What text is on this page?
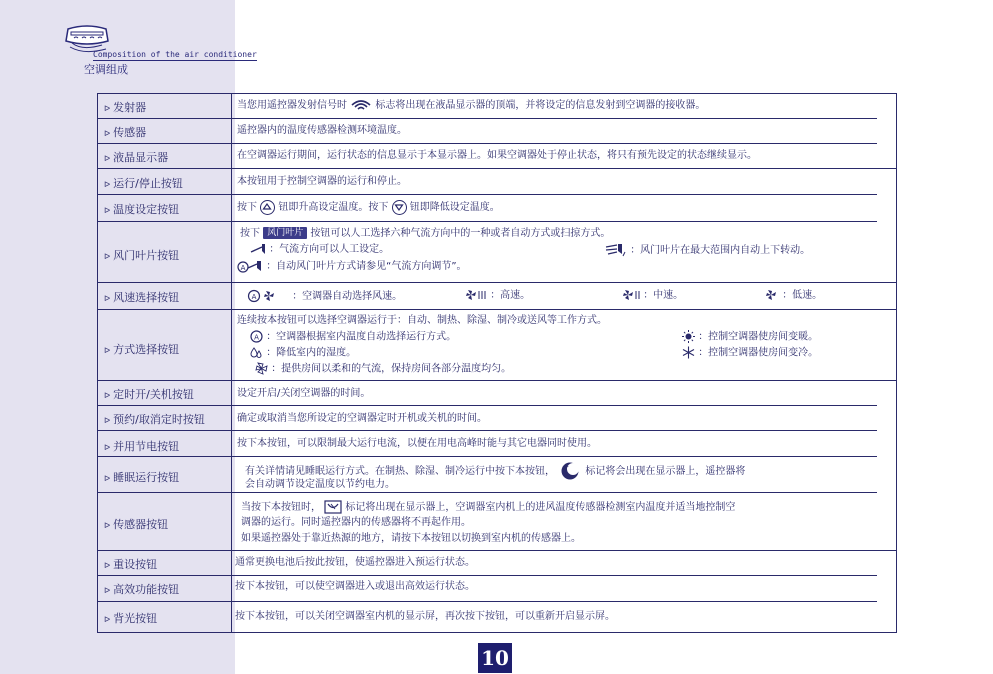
Composition of the air conditioner
空调组成
ᐅ 发射器	当您用遥控器发射信号时	标志将出现在液晶显示器的顶端，并将设定的信息发射到空调器的接收器。
ᐅ 传感器	遥控器内的温度传感器检测环境温度。
ᐅ 液晶显示器	在空调器运行期间，运行状态的信息显示于本显示器上。如果空调器处于停止状态，将只有预先设定的状态继续显示。
ᐅ 运行/停止按钮	本按钮用于控制空调器的运行和停止。
ᐅ 温度设定按钮	按下 钮即升高设定温度。按下 钮即降低设定温度。
ᐅ 风门叶片按钮
按下 风门叶片 按钮可以人工选择六种气流方向中的一种或者自动方式或扫掠方式。
：气流方向可以人工设定。	：风门叶片在最大范围内自动上下转动。
A ：自动风门叶片方式请参见“气流方向调节”。
ᐅ 风速选择按钮	A	：空调器自动选择风速。	：高速。	：中速。	：低速。
ᐅ 方式选择按钮
连续按本按钮可以选择空调器运行于：自动、制热、除湿、制冷或送风等工作方式。
A ：空调器根据室内温度自动选择运行方式。	：控制空调器使房间变暖。
：降低室内的湿度。	：控制空调器使房间变冷。
：提供房间以柔和的气流，保持房间各部分温度均匀。
ᐅ 定时开/关机按钮	设定开启/关闭空调器的时间。
ᐅ 预约/取消定时按钮	确定或取消当您所设定的空调器定时开机或关机的时间。
ᐅ 并用节电按钮	按下本按钮，可以限制最大运行电流，以便在用电高峰时能与其它电器同时使用。
ᐅ 睡眠运行按钮	有关详情请见睡眠运行方式。在制热、除湿、制冷运行中按下本按钮， + 标记将会出现在显示器上，遥控器将
会自动调节设定温度以节约电力。
ᐅ 传感器按钮
当按下本按钮时， 标记将出现在显示器上，空调器室内机上的进风温度传感器检测室内温度并适当地控制空
调器的运行。同时遥控器内的传感器将不再起作用。
如果遥控器处于靠近热源的地方，请按下本按钮以切换到室内机的传感器上。
ᐅ 重设按钮	通常更换电池后按此按钮，使遥控器进入预运行状态。
ᐅ 高效功能按钮	按下本按钮，可以使空调器进入或退出高效运行状态。
ᐅ 背光按钮	按下本按钮，可以关闭空调器室内机的显示屏，再次按下按钮，可以重新开启显示屏。
10
